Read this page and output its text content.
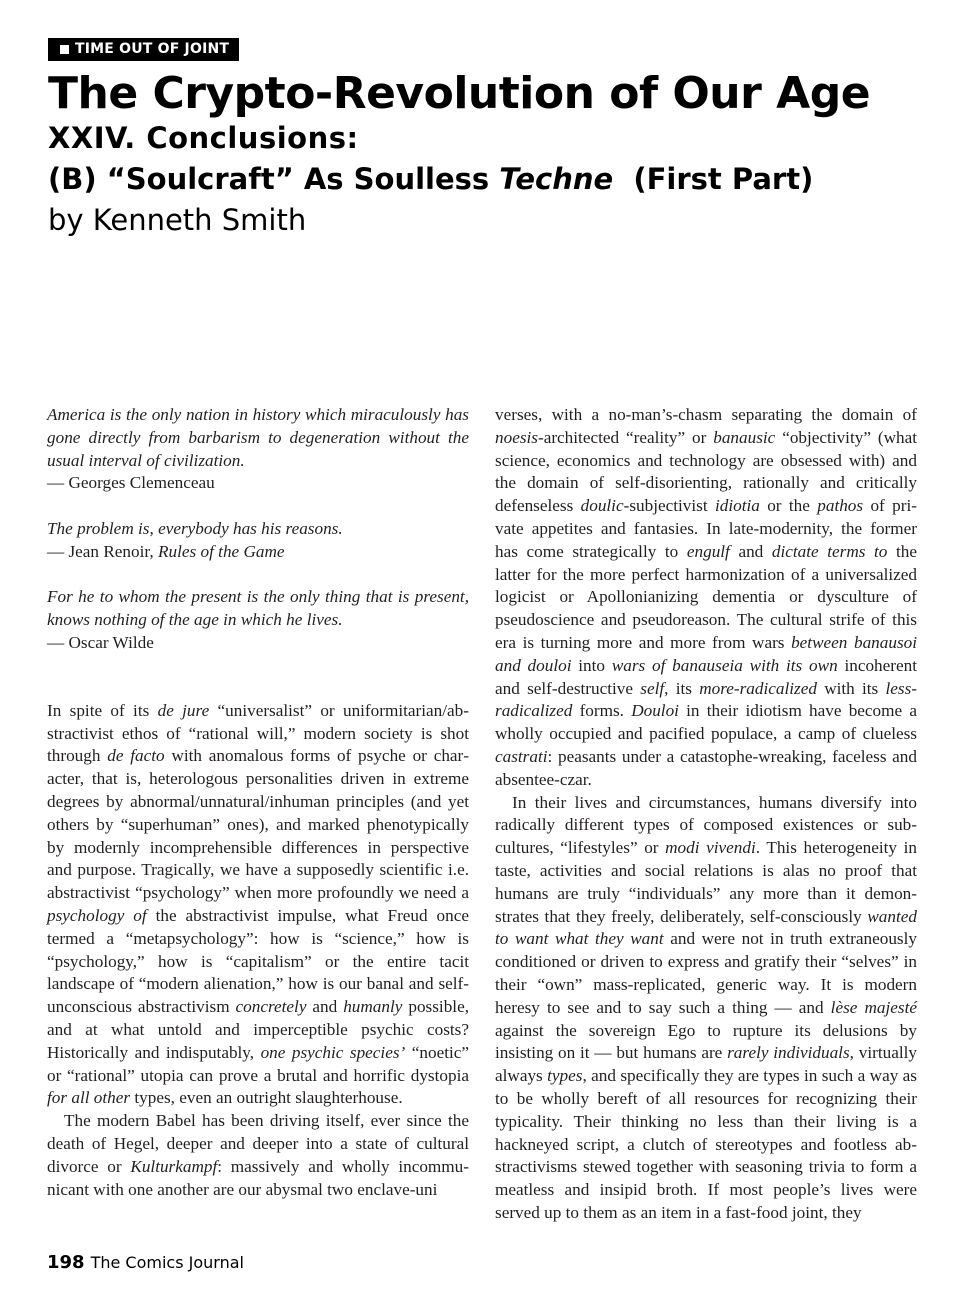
TIME OUT OF JOINT
The Crypto-Revolution of Our Age
XXIV. Conclusions:
(B) “Soulcraft” As Soulless Techne  (First Part)
by Kenneth Smith

America is the only nation in history which miraculously has gone directly from barbarism to degeneration without the usual interval of civilization.

— Georges Clemenceau

The problem is, everybody has his reasons.

— Jean Renoir, Rules of the Game

For he to whom the present is the only thing that is present, knows nothing of the age in which he lives.

— Oscar Wilde

In spite of its de jure “universalist” or uniformitarian/abstractivist ethos of “rational will,” modern society is shot through de facto with anomalous forms of psyche or character, that is, heterologous personalities driven in extreme degrees by abnormal/unnatural/inhuman principles (and yet others by “superhuman” ones), and marked phenotypically by modernly incomprehensible differences in perspective and purpose. Tragically, we have a supposedly scientific i.e. abstractivist “psychology” when more profoundly we need a psychology of the abstractivist impulse, what Freud once termed a “metapsychology”: how is “science,” how is “psychology,” how is “capitalism” or the entire tacit landscape of “modern alienation,” how is our banal and self-unconscious abstractivism concretely and humanly possible, and at what untold and imperceptible psychic costs? Historically and indisputably, one psychic species’ “noetic” or “rational” utopia can prove a brutal and horrific dystopia for all other types, even an outright slaughterhouse.

The modern Babel has been driving itself, ever since the death of Hegel, deeper and deeper into a state of cultural divorce or Kulturkampf: massively and wholly incommunicant with one another are our abysmal two enclave-uni

verses, with a no-man’s-chasm separating the domain of noesis-architected “reality” or banausic “objectivity” (what science, economics and technology are obsessed with) and the domain of self-disorienting, rationally and critically defenseless doulic-subjectivist idiotia or the pathos of private appetites and fantasies. In late-modernity, the former has come strategically to engulf and dictate terms to the latter for the more perfect harmonization of a universalized logicist or Apollonianizing dementia or dysculture of pseudoscience and pseudoreason. The cultural strife of this era is turning more and more from wars between banausoi and douloi into wars of banauseia with its own incoherent and self-destructive self, its more-radicalized with its less-radicalized forms. Douloi in their idiotism have become a wholly occupied and pacified populace, a camp of clueless castrati: peasants under a catastophe-wreaking, faceless and absentee-czar.

In their lives and circumstances, humans diversify into radically different types of composed existences or subcultures, “lifestyles” or modi vivendi. This heterogeneity in taste, activities and social relations is alas no proof that humans are truly “individuals” any more than it demonstrates that they freely, deliberately, self-consciously wanted to want what they want and were not in truth extraneously conditioned or driven to express and gratify their “selves” in their “own” mass-replicated, generic way. It is modern heresy to see and to say such a thing — and lèse majesté against the sovereign Ego to rupture its delusions by insisting on it — but humans are rarely individuals, virtually always types, and specifically they are types in such a way as to be wholly bereft of all resources for recognizing their typicality. Their thinking no less than their living is a hackneyed script, a clutch of stereotypes and footless abstractivisms stewed together with seasoning trivia to form a meatless and insipid broth. If most people’s lives were served up to them as an item in a fast-food joint, they

198 The Comics Journal
